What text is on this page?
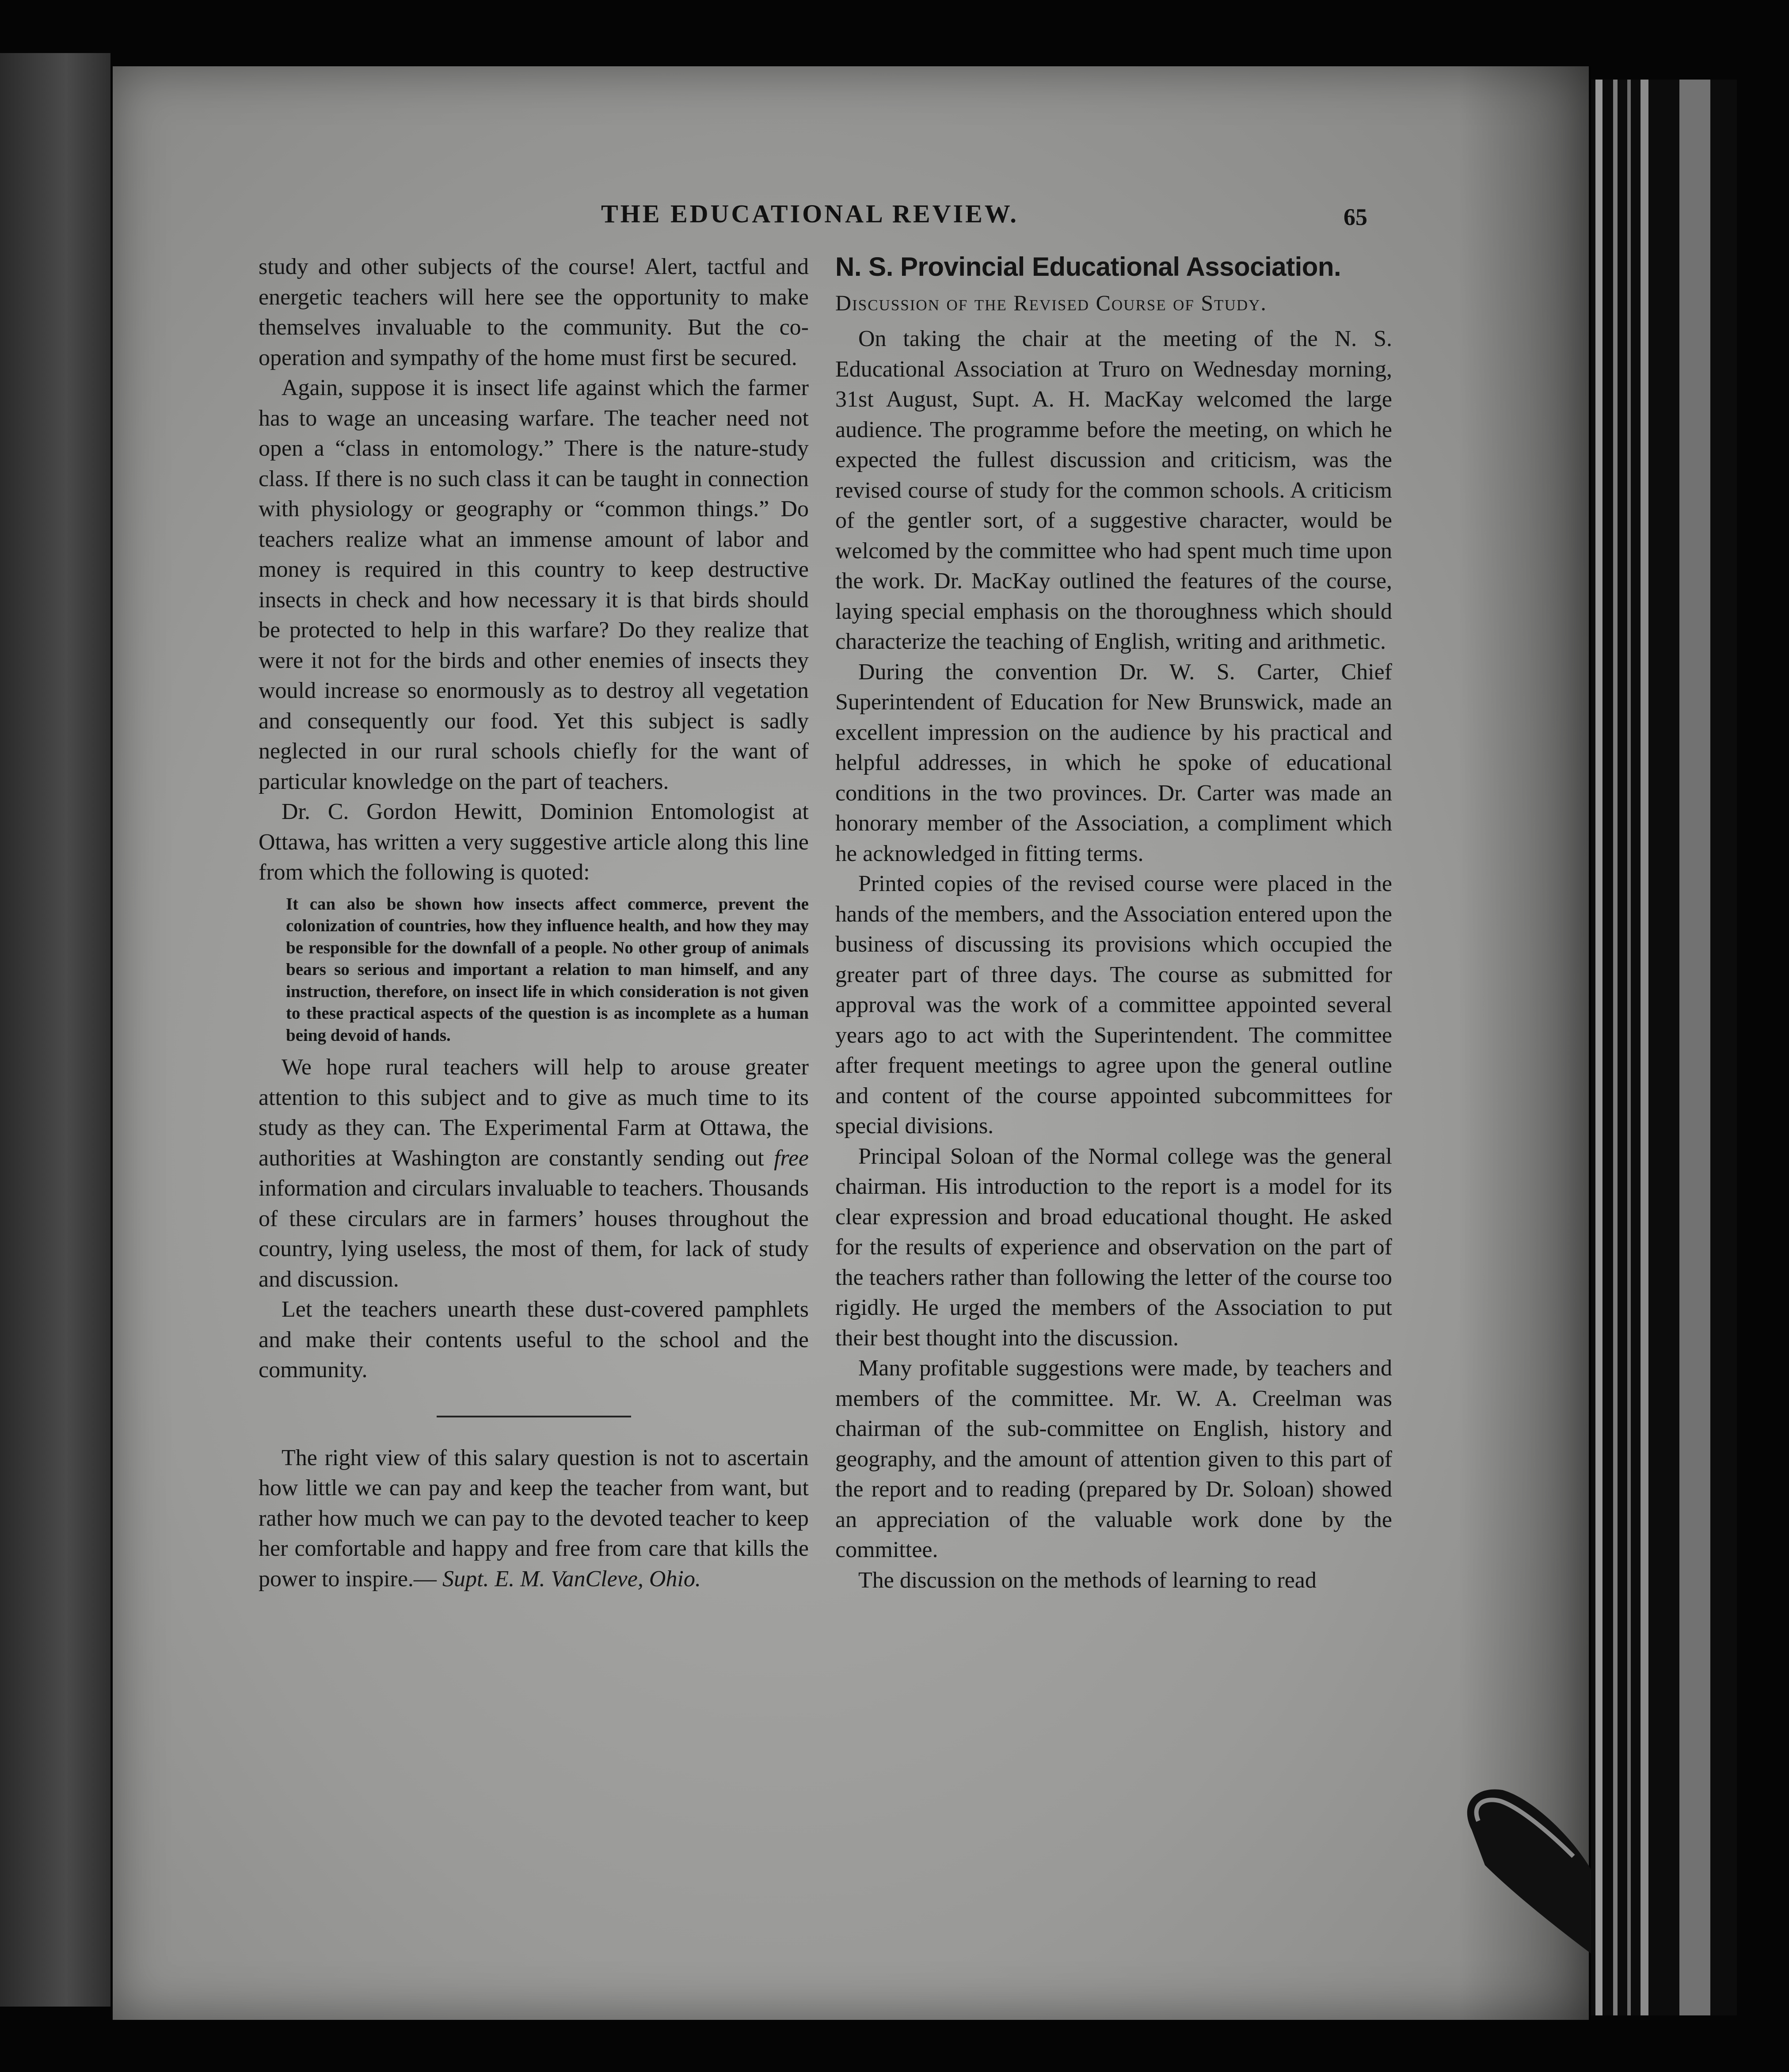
THE EDUCATIONAL REVIEW.	65

study and other subjects of the course! Alert, tactful and energetic teachers will here see the opportunity to make themselves invaluable to the community. But the co-operation and sympathy of the home must first be secured.

Again, suppose it is insect life against which the farmer has to wage an unceasing warfare. The teacher need not open a “class in entomology.” There is the nature-study class. If there is no such class it can be taught in connection with physiology or geography or “common things.” Do teachers realize what an immense amount of labor and money is required in this country to keep destructive insects in check and how necessary it is that birds should be protected to help in this warfare? Do they realize that were it not for the birds and other enemies of insects they would increase so enormously as to destroy all vegetation and consequently our food. Yet this subject is sadly neglected in our rural schools chiefly for the want of particular knowledge on the part of teachers.

Dr. C. Gordon Hewitt, Dominion Entomologist at Ottawa, has written a very suggestive article along this line from which the following is quoted:

It can also be shown how insects affect commerce, prevent the colonization of countries, how they influence health, and how they may be responsible for the downfall of a people. No other group of animals bears so serious and important a relation to man himself, and any instruction, therefore, on insect life in which consideration is not given to these practical aspects of the question is as incomplete as a human being devoid of hands.

We hope rural teachers will help to arouse greater attention to this subject and to give as much time to its study as they can. The Experimental Farm at Ottawa, the authorities at Washington are constantly sending out free information and circulars invaluable to teachers. Thousands of these circulars are in farmers’ houses throughout the country, lying useless, the most of them, for lack of study and discussion.

Let the teachers unearth these dust-covered pamphlets and make their contents useful to the school and the community.

The right view of this salary question is not to ascertain how little we can pay and keep the teacher from want, but rather how much we can pay to the devoted teacher to keep her comfortable and happy and free from care that kills the power to inspire.— Supt. E. M. VanCleve, Ohio.

N. S. Provincial Educational Association.

Discussion of the Revised Course of Study.

On taking the chair at the meeting of the N. S. Educational Association at Truro on Wednesday morning, 31st August, Supt. A. H. MacKay welcomed the large audience. The programme before the meeting, on which he expected the fullest discussion and criticism, was the revised course of study for the common schools. A criticism of the gentler sort, of a suggestive character, would be welcomed by the committee who had spent much time upon the work. Dr. MacKay outlined the features of the course, laying special emphasis on the thoroughness which should characterize the teaching of English, writing and arithmetic.

During the convention Dr. W. S. Carter, Chief Superintendent of Education for New Brunswick, made an excellent impression on the audience by his practical and helpful addresses, in which he spoke of educational conditions in the two provinces. Dr. Carter was made an honorary member of the Association, a compliment which he acknowledged in fitting terms.

Printed copies of the revised course were placed in the hands of the members, and the Association entered upon the business of discussing its provisions which occupied the greater part of three days. The course as submitted for approval was the work of a committee appointed several years ago to act with the Superintendent. The committee after frequent meetings to agree upon the general outline and content of the course appointed subcommittees for special divisions.

Principal Soloan of the Normal college was the general chairman. His introduction to the report is a model for its clear expression and broad educational thought. He asked for the results of experience and observation on the part of the teachers rather than following the letter of the course too rigidly. He urged the members of the Association to put their best thought into the discussion.

Many profitable suggestions were made, by teachers and members of the committee. Mr. W. A. Creelman was chairman of the sub-committee on English, history and geography, and the amount of attention given to this part of the report and to reading (prepared by Dr. Soloan) showed an appreciation of the valuable work done by the committee.

The discussion on the methods of learning to read
